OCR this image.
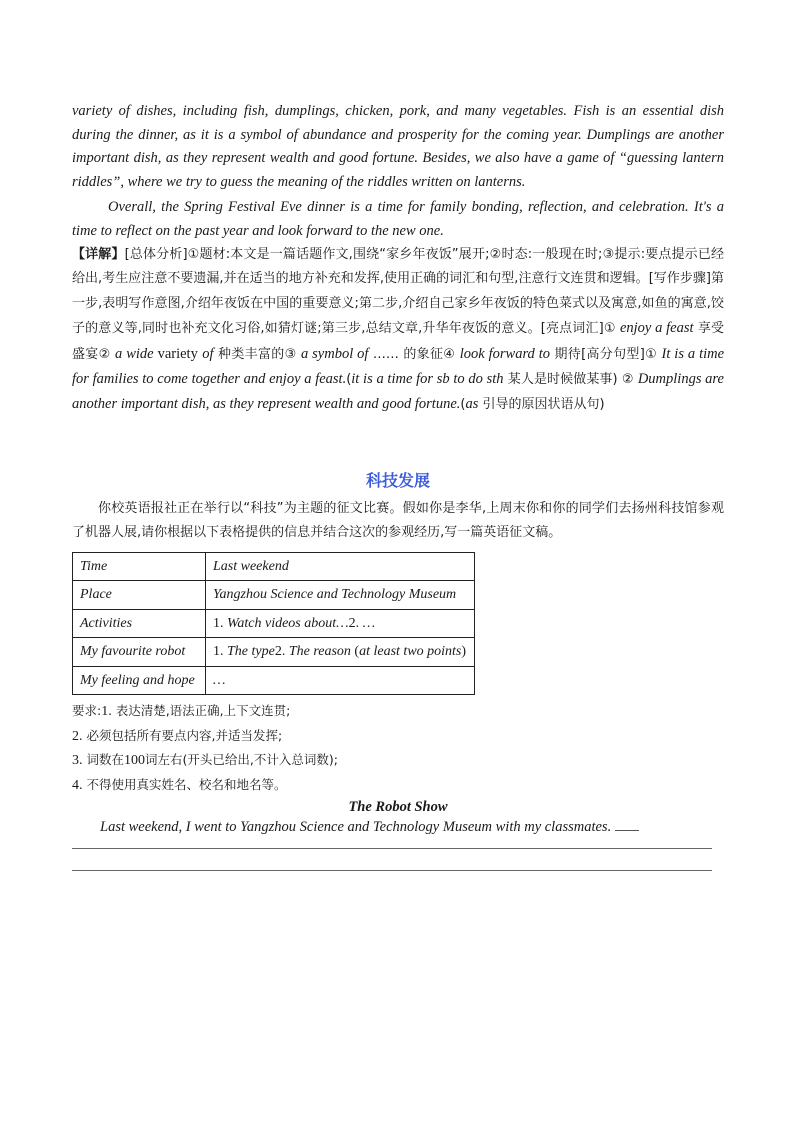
variety of dishes, including fish, dumplings, chicken, pork, and many vegetables. Fish is an essential dish during the dinner, as it is a symbol of abundance and prosperity for the coming year. Dumplings are another important dish, as they represent wealth and good fortune. Besides, we also have a game of “guessing lantern riddles”, where we try to guess the meaning of the riddles written on lanterns.

Overall, the Spring Festival Eve dinner is a time for family bonding, reflection, and celebration. It's a time to reflect on the past year and look forward to the new one.

【详解】[总体分析]①题材:本文是一篇话题作文,围绕“家乡年夜饭”展开;②时态:一般现在时;③提示:要点提示已经给出,考生应注意不要遗漏,并在适当的地方补充和发挥,使用正确的词汇和句型,注意行文连贯和逻辑。[写作步骤]第一步,表明写作意图,介绍年夜饭在中国的重要意义;第二步,介绍自己家乡年夜饭的特色菜式以及寓意,如鱼的寓意,饺子的意义等,同时也补充文化习俗,如猜灯谜;第三步,总结文章,升华年夜饭的意义。[亮点词汇]① enjoy a feast 享受盛宴② a wide variety of 种类丰富的③ a symbol of …… 的象征④ look forward to 期待[高分句型]① It is a time for families to come together and enjoy a feast.(it is a time for sb to do sth 某人是时候做某事) ② Dumplings are another important dish, as they represent wealth and good fortune.(as 引导的原因状语从句)

科技发展

你校英语报社正在举行以“科技”为主题的征文比赛。假如你是李华,上周末你和你的同学们去扬州科技馆参观了机器人展,请你根据以下表格提供的信息并结合这次的参观经历,写一篇英语征文稿。

Time	Last weekend
Place	Yangzhou Science and Technology Museum
Activities	1. Watch videos about…2. …
My favourite robot	1. The type2. The reason (at least two points)
My feeling and hope	…

要求:1. 表达清楚,语法正确,上下文连贯;

2. 必须包括所有要点内容,并适当发挥;

3. 词数在100词左右(开头已给出,不计入总词数);

4. 不得使用真实姓名、校名和地名等。

The Robot Show

Last weekend, I went to Yangzhou Science and Technology Museum with my classmates.
